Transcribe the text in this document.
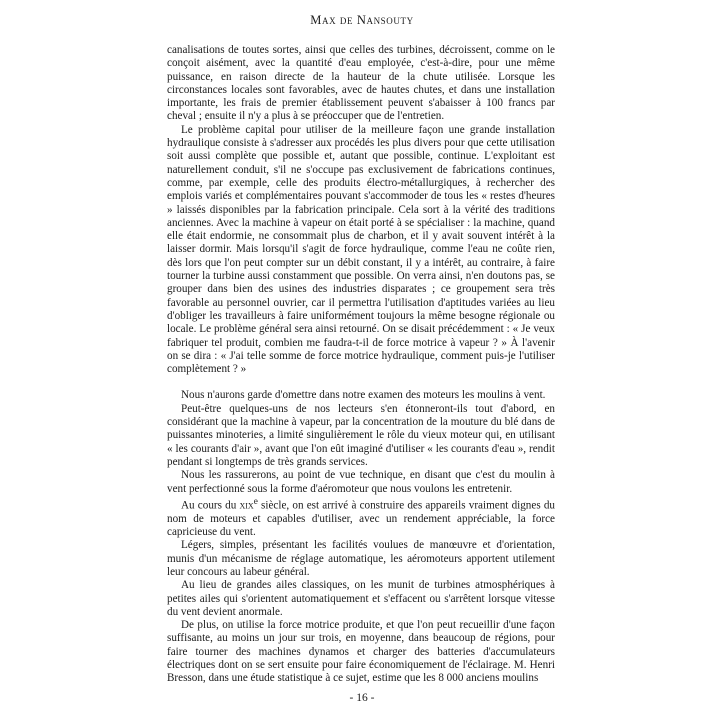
Max de Nansouty

canalisations de toutes sortes, ainsi que celles des turbines, décroissent, comme on le conçoit aisément, avec la quantité d'eau employée, c'est-à-dire, pour une même puissance, en raison directe de la hauteur de la chute utilisée. Lorsque les circonstances locales sont favorables, avec de hautes chutes, et dans une installation importante, les frais de premier établissement peuvent s'abaisser à 100 francs par cheval ; ensuite il n'y a plus à se préoccuper que de l'entretien.

Le problème capital pour utiliser de la meilleure façon une grande installation hydraulique consiste à s'adresser aux procédés les plus divers pour que cette utilisation soit aussi complète que possible et, autant que possible, continue. L'exploitant est naturellement conduit, s'il ne s'occupe pas exclusivement de fabrications continues, comme, par exemple, celle des produits électro-métallurgiques, à rechercher des emplois variés et complémentaires pouvant s'accommoder de tous les « restes d'heures » laissés disponibles par la fabrication principale. Cela sort à la vérité des traditions anciennes. Avec la machine à vapeur on était porté à se spécialiser : la machine, quand elle était endormie, ne consommait plus de charbon, et il y avait souvent intérêt à la laisser dormir. Mais lorsqu'il s'agit de force hydraulique, comme l'eau ne coûte rien, dès lors que l'on peut compter sur un débit constant, il y a intérêt, au contraire, à faire tourner la turbine aussi constamment que possible. On verra ainsi, n'en doutons pas, se grouper dans bien des usines des industries disparates ; ce groupement sera très favorable au personnel ouvrier, car il permettra l'utilisation d'aptitudes variées au lieu d'obliger les travailleurs à faire uniformément toujours la même besogne régionale ou locale. Le problème général sera ainsi retourné. On se disait précédemment : « Je veux fabriquer tel produit, combien me faudra-t-il de force motrice à vapeur ? » À l'avenir on se dira : « J'ai telle somme de force motrice hydraulique, comment puis-je l'utiliser complètement ? »

Nous n'aurons garde d'omettre dans notre examen des moteurs les moulins à vent.

Peut-être quelques-uns de nos lecteurs s'en étonneront-ils tout d'abord, en considérant que la machine à vapeur, par la concentration de la mouture du blé dans de puissantes minoteries, a limité singulièrement le rôle du vieux moteur qui, en utilisant « les courants d'air », avant que l'on eût imaginé d'utiliser « les courants d'eau », rendit pendant si longtemps de très grands services.

Nous les rassurerons, au point de vue technique, en disant que c'est du moulin à vent perfectionné sous la forme d'aéromoteur que nous voulons les entretenir.

Au cours du xix$^e$ siècle, on est arrivé à construire des appareils vraiment dignes du nom de moteurs et capables d'utiliser, avec un rendement appréciable, la force capricieuse du vent.

Légers, simples, présentant les facilités voulues de manœuvre et d'orientation, munis d'un mécanisme de réglage automatique, les aéromoteurs apportent utilement leur concours au labeur général.

Au lieu de grandes ailes classiques, on les munit de turbines atmosphériques à petites ailes qui s'orientent automatiquement et s'effacent ou s'arrêtent lorsque vitesse du vent devient anormale.

De plus, on utilise la force motrice produite, et que l'on peut recueillir d'une façon suffisante, au moins un jour sur trois, en moyenne, dans beaucoup de régions, pour faire tourner des machines dynamos et charger des batteries d'accumulateurs électriques dont on se sert ensuite pour faire économiquement de l'éclairage. M. Henri Bresson, dans une étude statistique à ce sujet, estime que les 8 000 anciens moulins

- 16 -
